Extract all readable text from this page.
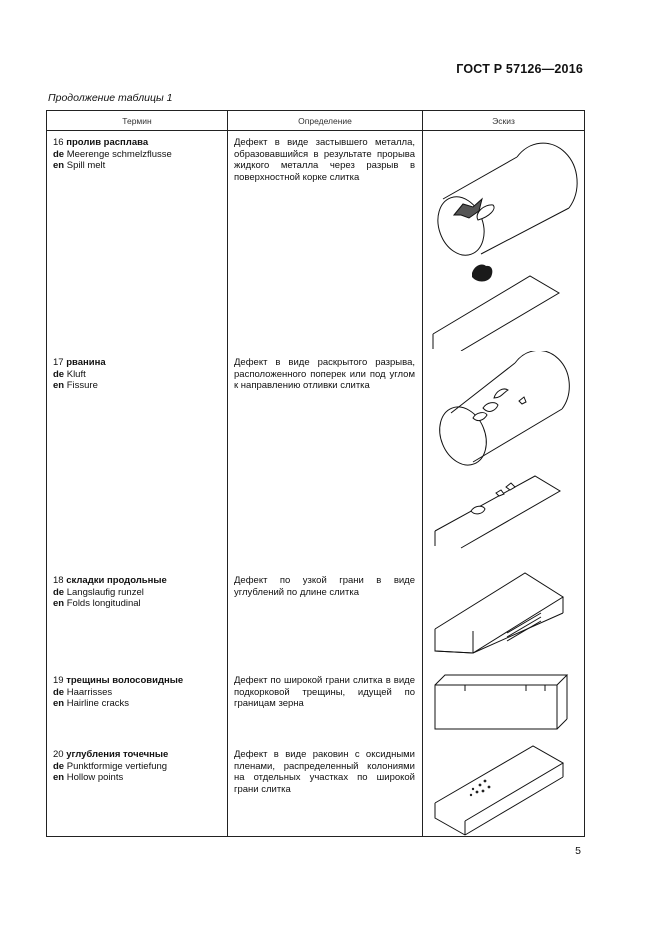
ГОСТ Р 57126—2016
Продолжение таблицы 1
Термин	Определение	Эскиз

16 пролив расплава
de Meerenge schmelzflusse
en Spill melt	Дефект в виде застывшего металла, образовавшийся в результате прорыва жидкого металла через разрыв в поверхностной корке слитка

17 рванина
de Kluft
en Fissure	Дефект в виде раскрытого разрыва, расположенного поперек или под углом к направлению отливки слитка

18 складки продольные
de Langslaufig runzel
en Folds longitudinal	Дефект по узкой грани в виде углублений по длине слитка

19 трещины волосовидные
de Haarrisses
en Hairline cracks	Дефект по широкой грани слитка в виде подкорковой трещины, идущей по границам зерна

20 углубления точечные
de Punktformige vertiefung
en Hollow points	Дефект в виде раковин с оксидными пленами, распределенный колониями на отдельных участках по широкой грани слитка

5
